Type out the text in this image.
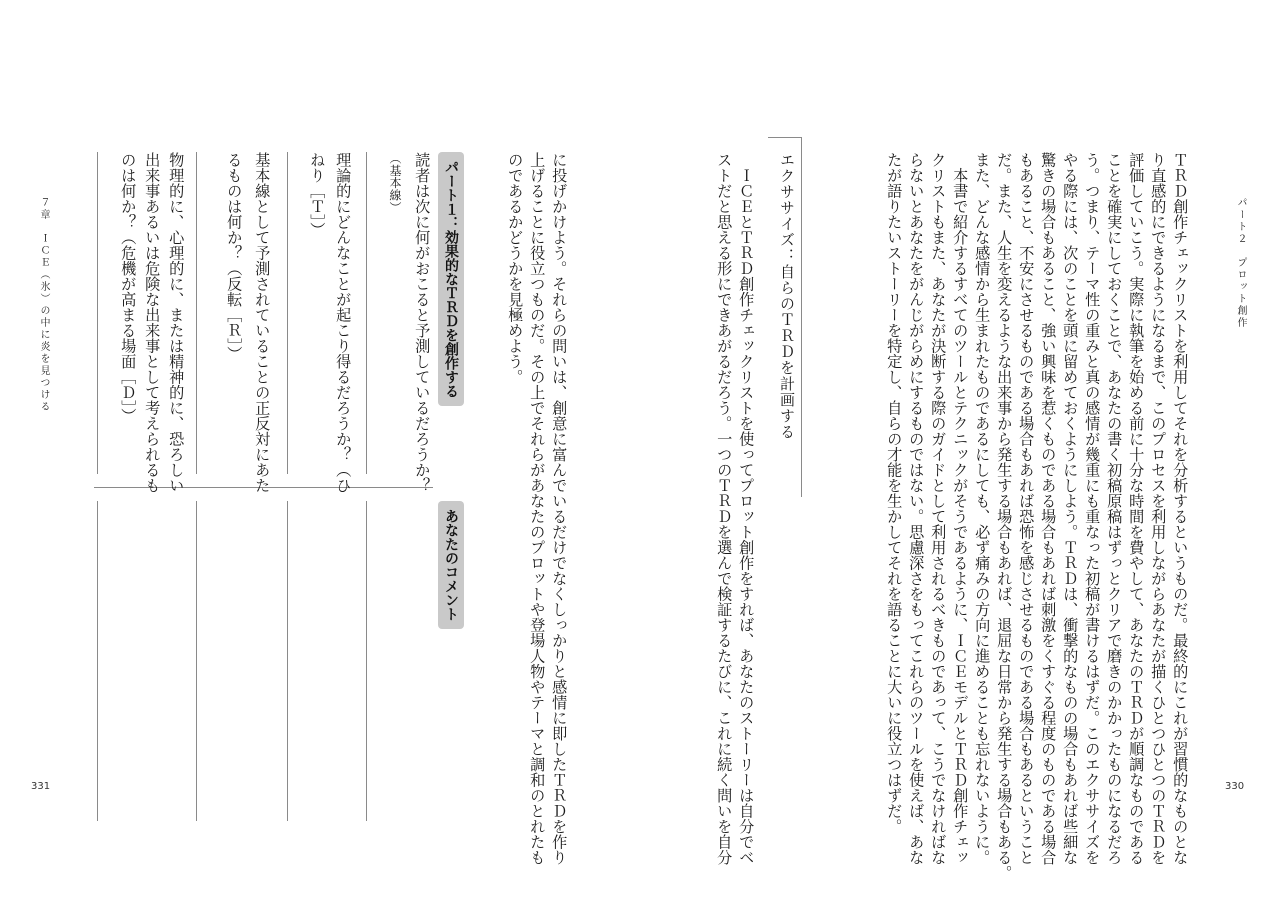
パート２　プロット創作
７章　ＩＣＥ（氷）の中に炎を見つける
330
331	ＴＲＤ創作チェックリストを利用してそれを分析するというものだ。最終的にこれが習慣的なものとな
り直感的にできるようになるまで、このプロセスを利用しながらあなたが描くひとつひとつのＴＲＤを
評価していこう。実際に執筆を始める前に十分な時間を費やして、あなたのＴＲＤが順調なものである
ことを確実にしておくことで、あなたの書く初稿原稿はずっとクリアで磨きのかかったものになるだろ
う。つまり、テーマ性の重みと真の感情が幾重にも重なった初稿が書けるはずだ。このエクササイズを
やる際には、次のことを頭に留めておくようにしよう。ＴＲＤは、衝撃的なものの場合もあれば些細な
驚きの場合もあること、強い興味を惹くものである場合もあれば刺激をくすぐる程度のものである場合
もあること、不安にさせるものである場合もあれば恐怖を感じさせるものである場合もあるということ
だ。また、人生を変えるような出来事から発生する場合もあれば、退屈な日常から発生する場合もある。
また、どんな感情から生まれたものであるにしても、必ず痛みの方向に進めることも忘れないように。
　本書で紹介するすべてのツールとテクニックがそうであるように、ＩＣＥモデルとＴＲＤ創作チェッ
クリストもまた、あなたが決断する際のガイドとして利用されるべきものであって、こうでなければな
らないとあなたをがんじがらめにするものではない。思慮深さをもってこれらのツールを使えば、あな
たが語りたいストーリーを特定し、自らの才能を生かしてそれを語ることに大いに役立つはずだ。
エクササイズ：自らのＴＲＤを計画する
　ＩＣＥとＴＲＤ創作チェックリストを使ってプロット創作をすれば、あなたのストーリーは自分でベ
ストだと思える形にできあがるだろう。一つのＴＲＤを選んで検証するたびに、これに続く問いを自分
に投げかけよう。それらの問いは、創意に富んでいるだけでなくしっかりと感情に即したＴＲＤを作り
上げることに役立つものだ。その上でそれらがあなたのプロットや登場人物やテーマと調和のとれたも
のであるかどうかを見極めよう。
パート１：効果的なＴＲＤを創作する
あなたのコメント
読者は次に何がおこると予測しているだろうか？
（基本線）
理論的にどんなことが起こり得るだろうか？（ひ
ねり［Ｔ］）
基本線として予測されていることの正反対にあた
るものは何か？（反転［Ｒ］）
物理的に、心理的に、または精神的に、恐ろしい
出来事あるいは危険な出来事として考えられるも
のは何か？（危機が高まる場面［Ｄ］）
